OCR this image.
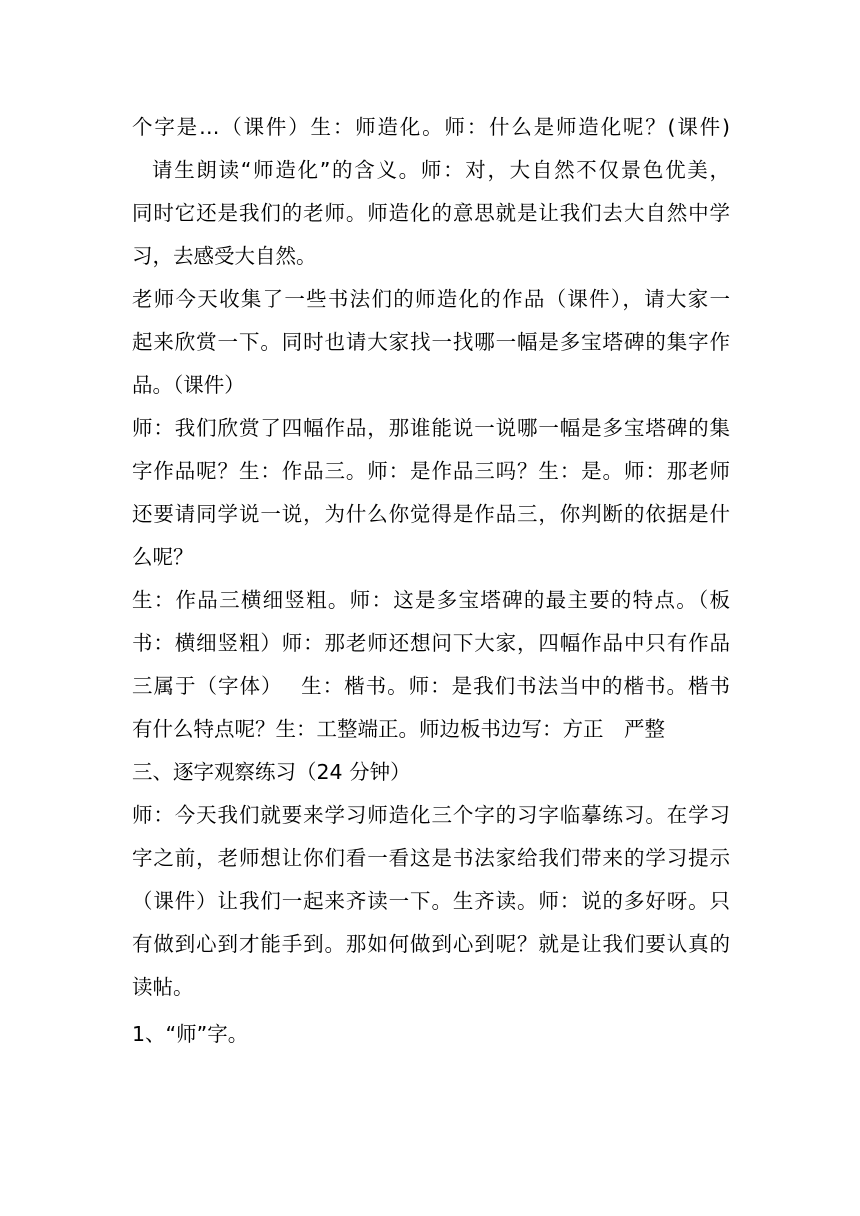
个字是…（课件）生：师造化。师：什么是师造化呢？(课件)
请生朗读“师造化”的含义。师：对，大自然不仅景色优美，
同时它还是我们的老师。师造化的意思就是让我们去大自然中学
习，去感受大自然。
老师今天收集了一些书法们的师造化的作品（课件），请大家一
起来欣赏一下。同时也请大家找一找哪一幅是多宝塔碑的集字作
品。（课件）
师：我们欣赏了四幅作品，那谁能说一说哪一幅是多宝塔碑的集
字作品呢？生：作品三。师：是作品三吗？生：是。师：那老师
还要请同学说一说，为什么你觉得是作品三，你判断的依据是什
么呢？
生：作品三横细竖粗。师：这是多宝塔碑的最主要的特点。（板
书：横细竖粗）师：那老师还想问下大家，四幅作品中只有作品
三属于（字体）　 生：楷书。师：是我们书法当中的楷书。楷书
有什么特点呢？生：工整端正。师边板书边写：方正　严整
三、逐字观察练习（24 分钟）
师：今天我们就要来学习师造化三个字的习字临摹练习。在学习
字之前，老师想让你们看一看这是书法家给我们带来的学习提示
（课件）让我们一起来齐读一下。生齐读。师：说的多好呀。只
有做到心到才能手到。那如何做到心到呢？就是让我们要认真的
读帖。
1、“师”字。
